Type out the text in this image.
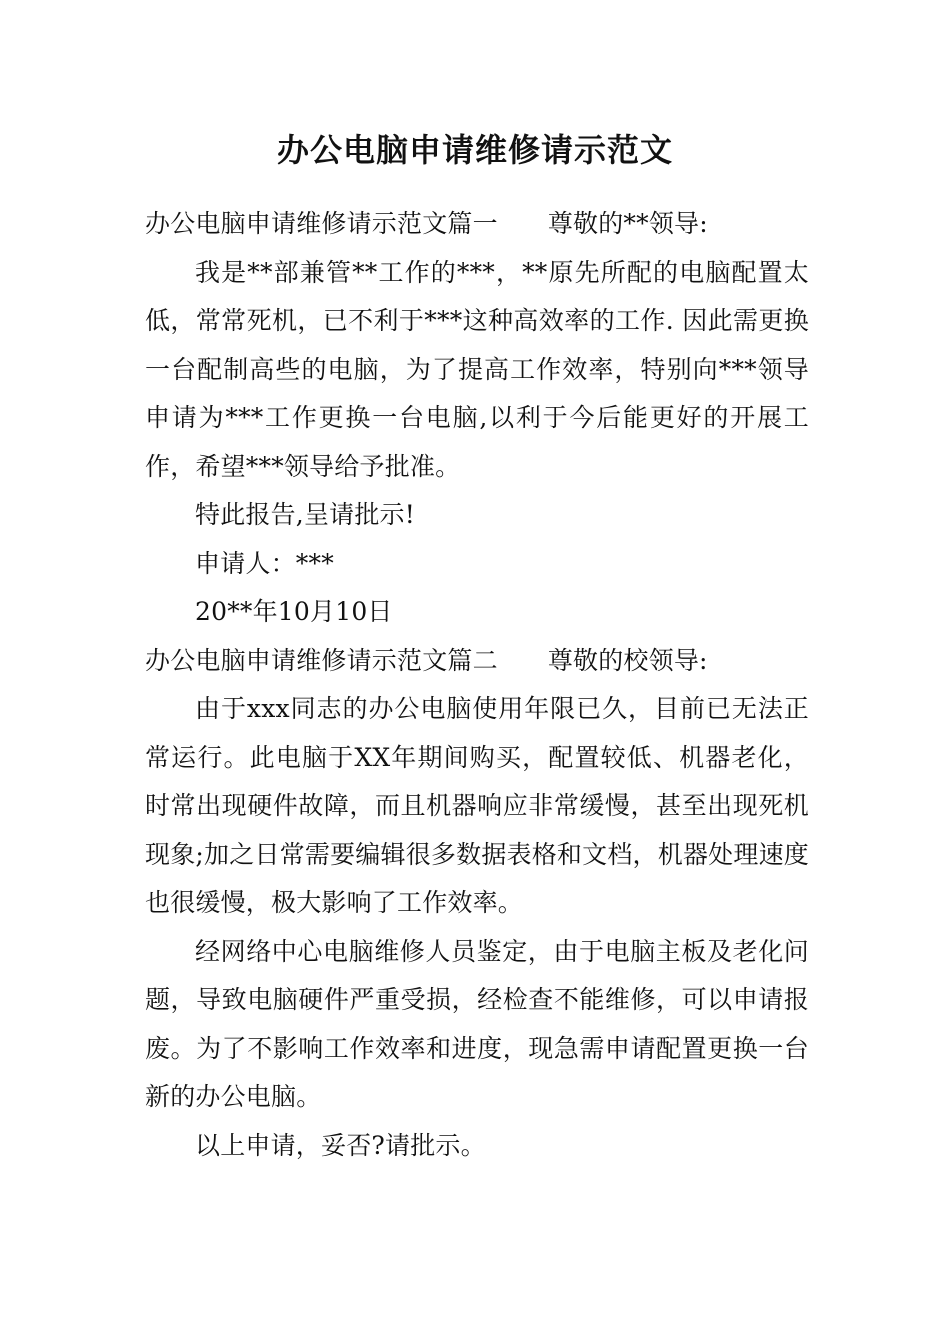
办公电脑申请维修请示范文

办公电脑申请维修请示范文篇一 尊敬的**领导:

我是**部兼管**工作的***，**原先所配的电脑配置太低，常常死机，已不利于***这种高效率的工作. 因此需更换一台配制高些的电脑，为了提高工作效率，特别向***领导申请为***工作更换一台电脑,以利于今后能更好的开展工作，希望***领导给予批准。

特此报告,呈请批示!

申请人：***

20**年10月10日

办公电脑申请维修请示范文篇二 尊敬的校领导:

由于xxx同志的办公电脑使用年限已久，目前已无法正常运行。此电脑于XX年期间购买，配置较低、机器老化，时常出现硬件故障，而且机器响应非常缓慢，甚至出现死机现象;加之日常需要编辑很多数据表格和文档，机器处理速度也很缓慢，极大影响了工作效率。

经网络中心电脑维修人员鉴定，由于电脑主板及老化问题，导致电脑硬件严重受损，经检查不能维修，可以申请报废。为了不影响工作效率和进度，现急需申请配置更换一台新的办公电脑。

以上申请，妥否?请批示。
